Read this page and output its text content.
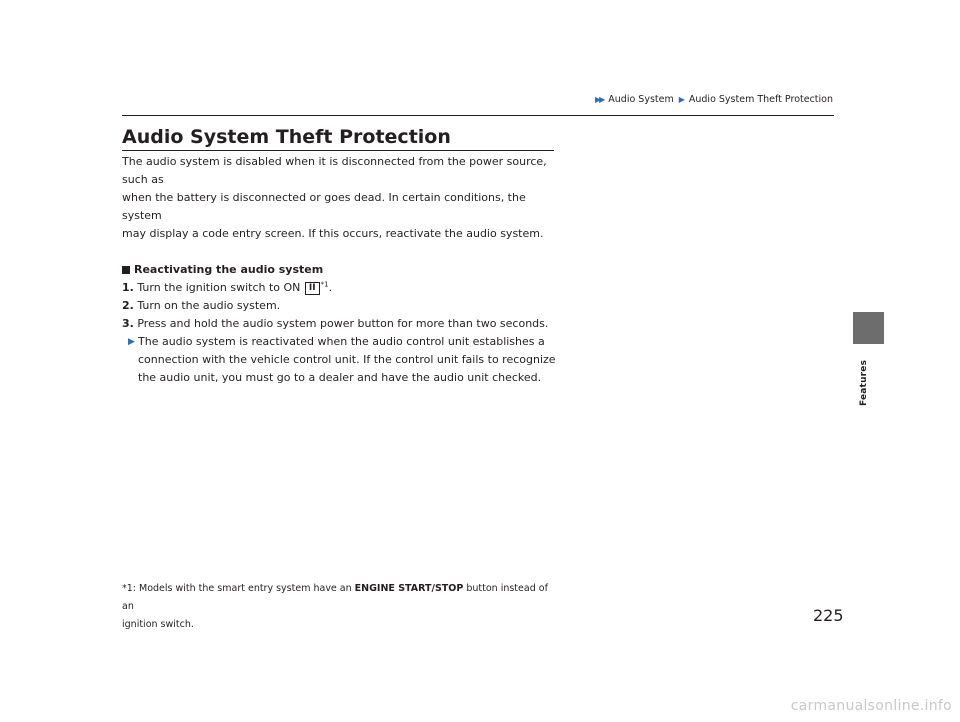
▶▶ Audio System ▶ Audio System Theft Protection
Features
Audio System Theft Protection

The audio system is disabled when it is disconnected from the power source, such as
when the battery is disconnected or goes dead. In certain conditions, the system
may display a code entry screen. If this occurs, reactivate the audio system.

Reactivating the audio system

1. Turn the ignition switch to ON II $^{*1}$.

2. Turn on the audio system.

3. Press and hold the audio system power button for more than two seconds.

▶ The audio system is reactivated when the audio control unit establishes a
connection with the vehicle control unit. If the control unit fails to recognize
the audio unit, you must go to a dealer and have the audio unit checked.

*1: Models with the smart entry system have an ENGINE START/STOP button instead of an
ignition switch.	225
carmanualsonline.info
